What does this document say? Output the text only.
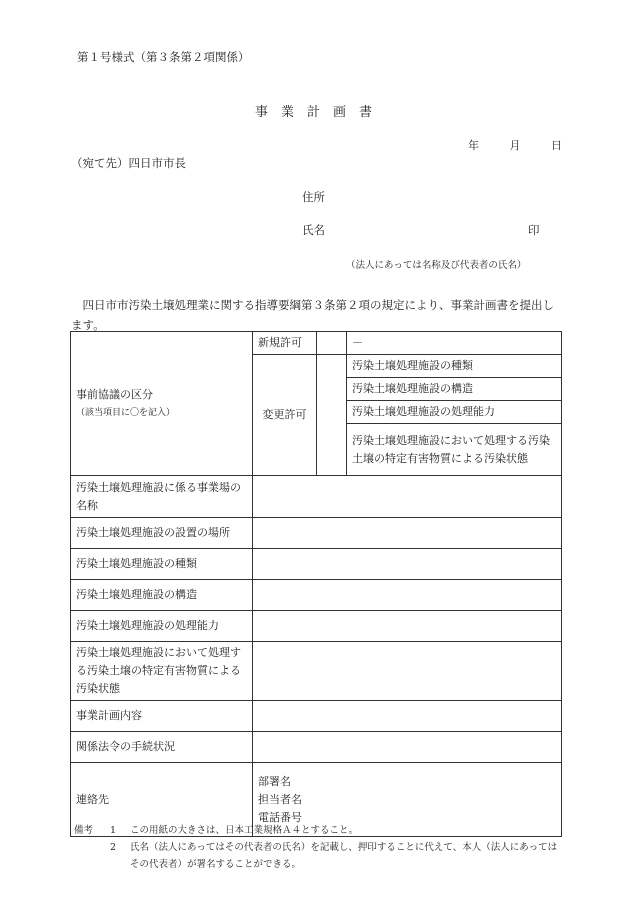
第１号様式（第３条第２項関係）
事業計画書
年	月	日
（宛て先）四日市市長
住所
氏名	印
（法人にあっては名称及び代表者の氏名）
四日市市汚染土壌処理業に関する指導要綱第３条第２項の規定により、事業計画書を提出します。
事前協議の区分
（該当項目に〇を記入）	新規許可		－
	変更許可		汚染土壌処理施設の種類
			汚染土壌処理施設の構造
			汚染土壌処理施設の処理能力
			汚染土壌処理施設において処理する汚染土壌の特定有害物質による汚染状態
汚染土壌処理施設に係る事業場の名称			
汚染土壌処理施設の設置の場所			
汚染土壌処理施設の種類			
汚染土壌処理施設の構造			
汚染土壌処理施設の処理能力			
汚染土壌処理施設において処理する汚染土壌の特定有害物質による汚染状態			
事業計画内容			
関係法令の手続状況			
連絡先	部署名
担当者名
電話番号		
備考	1	この用紙の大きさは、日本工業規格Ａ４とすること。
2	氏名（法人にあってはその代表者の氏名）を記載し、押印することに代えて、本人（法人にあってはその代表者）が署名することができる。
